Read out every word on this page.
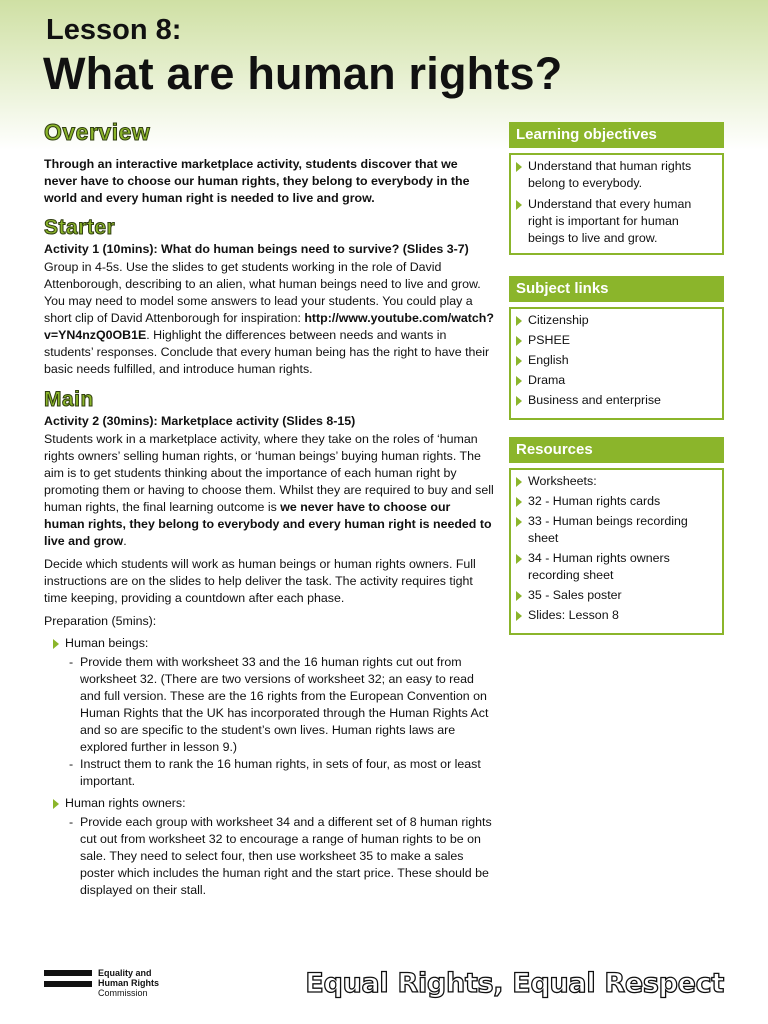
Lesson 8:
What are human rights?
Overview

Through an interactive marketplace activity, students discover that we never have to choose our human rights, they belong to everybody in the world and every human right is needed to live and grow.

Starter

Activity 1 (10mins): What do human beings need to survive? (Slides 3-7)

Group in 4-5s. Use the slides to get students working in the role of David Attenborough, describing to an alien, what human beings need to live and grow. You may need to model some answers to lead your students. You could play a short clip of David Attenborough for inspiration: http://www.youtube.com/watch?v=YN4nzQ0OB1E. Highlight the differences between needs and wants in students’ responses. Conclude that every human being has the right to have their basic needs fulfilled, and introduce human rights.

Main

Activity 2 (30mins): Marketplace activity (Slides 8-15)

Students work in a marketplace activity, where they take on the roles of ‘human rights owners’ selling human rights, or ‘human beings’ buying human rights. The aim is to get students thinking about the importance of each human right by promoting them or having to choose them. Whilst they are required to buy and sell human rights, the final learning outcome is we never have to choose our human rights, they belong to everybody and every human right is needed to live and grow.

Decide which students will work as human beings or human rights owners. Full instructions are on the slides to help deliver the task. The activity requires tight time keeping, providing a countdown after each phase.

Preparation (5mins):

Human beings:
- Provide them with worksheet 33 and the 16 human rights cut out from worksheet 32. (There are two versions of worksheet 32; an easy to read and full version. These are the 16 rights from the European Convention on Human Rights that the UK has incorporated through the Human Rights Act and so are specific to the student’s own lives. Human rights laws are explored further in lesson 9.)
- Instruct them to rank the 16 human rights, in sets of four, as most or least important.
Human rights owners:
- Provide each group with worksheet 34 and a different set of 8 human rights cut out from worksheet 32 to encourage a range of human rights to be on sale. They need to select four, then use worksheet 35 to make a sales poster which includes the human right and the start price. These should be displayed on their stall.
Learning objectives
Understand that human rights belong to everybody.
Understand that every human right is important for human beings to live and grow.
Subject links
Citizenship
PSHEE
English
Drama
Business and enterprise
Resources
Worksheets:
32 - Human rights cards
33 - Human beings recording sheet
34 - Human rights owners recording sheet
35 - Sales poster
Slides: Lesson 8
Equality and
Human Rights
Commission	Equal Rights, Equal Respect
